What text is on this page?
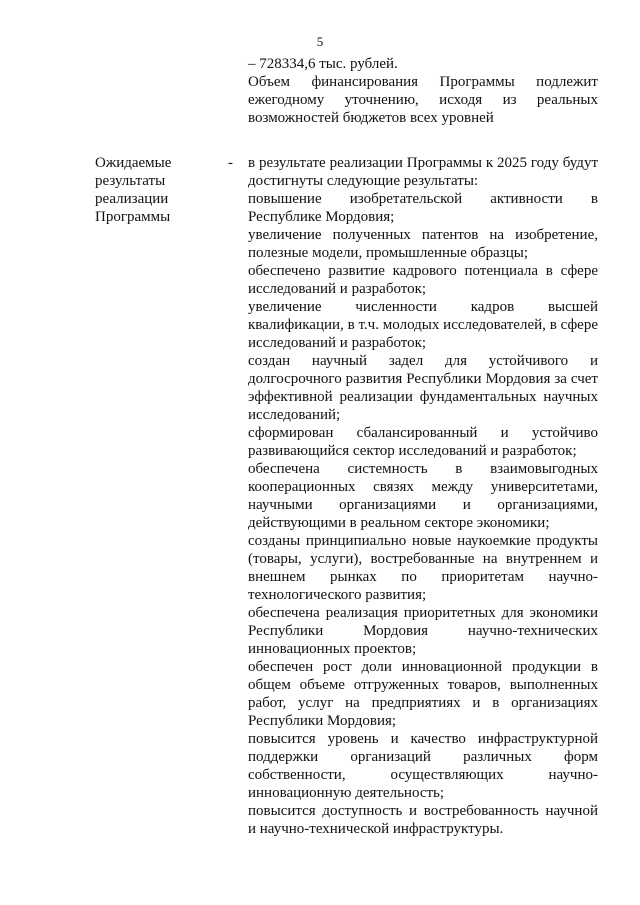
5

– 728334,6 тыс. рублей.

Объем финансирования Программы подлежит ежегодному уточнению, исходя из реальных возможностей бюджетов всех уровней

Ожидаемые
результаты
реализации
Программы
- в результате реализации Программы к 2025 году будут достигнуты следующие результаты:

повышение изобретательской активности в Республике Мордовия;

увеличение полученных патентов на изобретение, полезные модели, промышленные образцы;

обеспечено развитие кадрового потенциала в сфере исследований и разработок;

увеличение численности кадров высшей квалификации, в т.ч. молодых исследователей, в сфере исследований и разработок;

создан научный задел для устойчивого и долгосрочного развития Республики Мордовия за счет эффективной реализации фундаментальных научных исследований;

сформирован сбалансированный и устойчиво развивающийся сектор исследований и разработок;

обеспечена системность в взаимовыгодных кооперационных связях между университетами, научными организациями и организациями, действующими в реальном секторе экономики;

созданы принципиально новые наукоемкие продукты (товары, услуги), востребованные на внутреннем и внешнем рынках по приоритетам научно-технологического развития;

обеспечена реализация приоритетных для экономики Республики Мордовия научно-технических инновационных проектов;

обеспечен рост доли инновационной продукции в общем объеме отгруженных товаров, выполненных работ, услуг на предприятиях и в организациях Республики Мордовия;

повысится уровень и качество инфраструктурной поддержки организаций различных форм собственности, осуществляющих научно-инновационную деятельность;

повысится доступность и востребованность научной и научно-технической инфраструктуры.
